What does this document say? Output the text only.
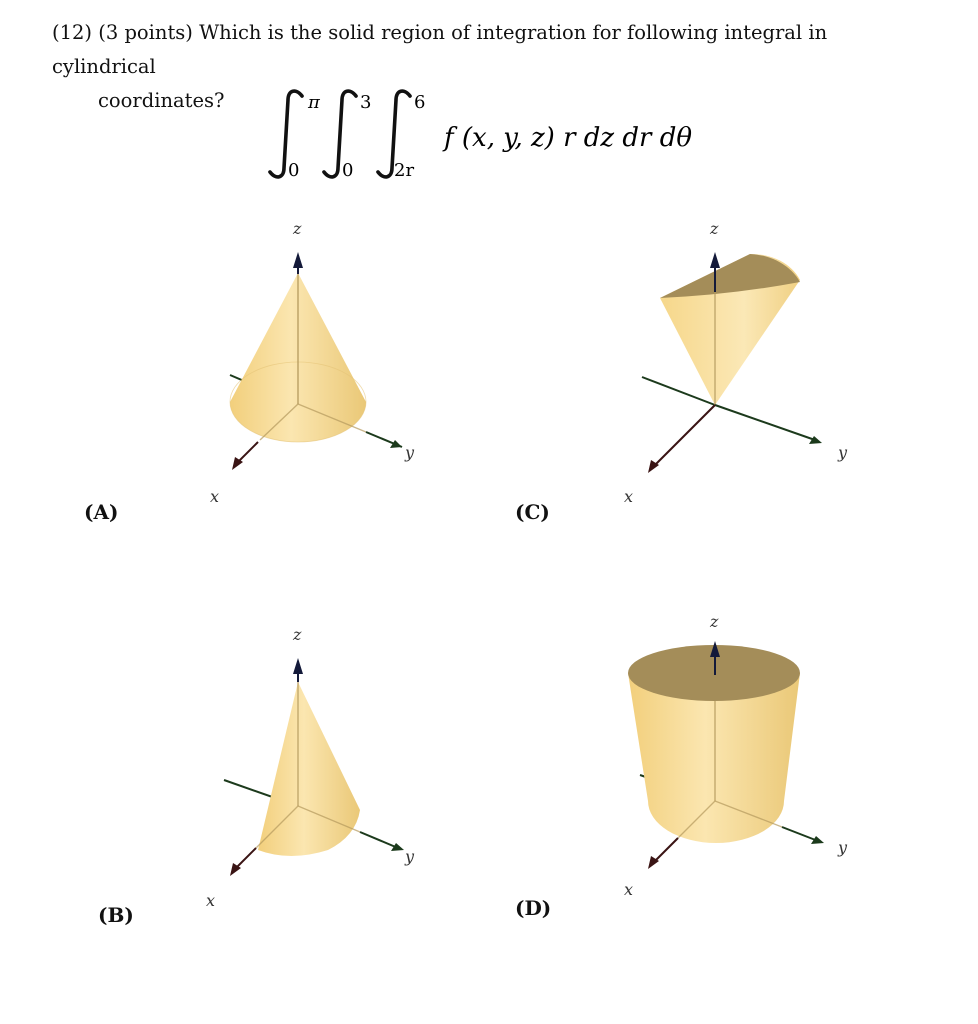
(12) (3 points) Which is the solid region of integration for following integral in cylindrical
coordinates?	π
0
3
0
6
2r
f (x, y, z) r dz dr dθ
z
y
x
(A)
z
y
x
(C)
z
y
x
(B)
z
y
x
(D)
